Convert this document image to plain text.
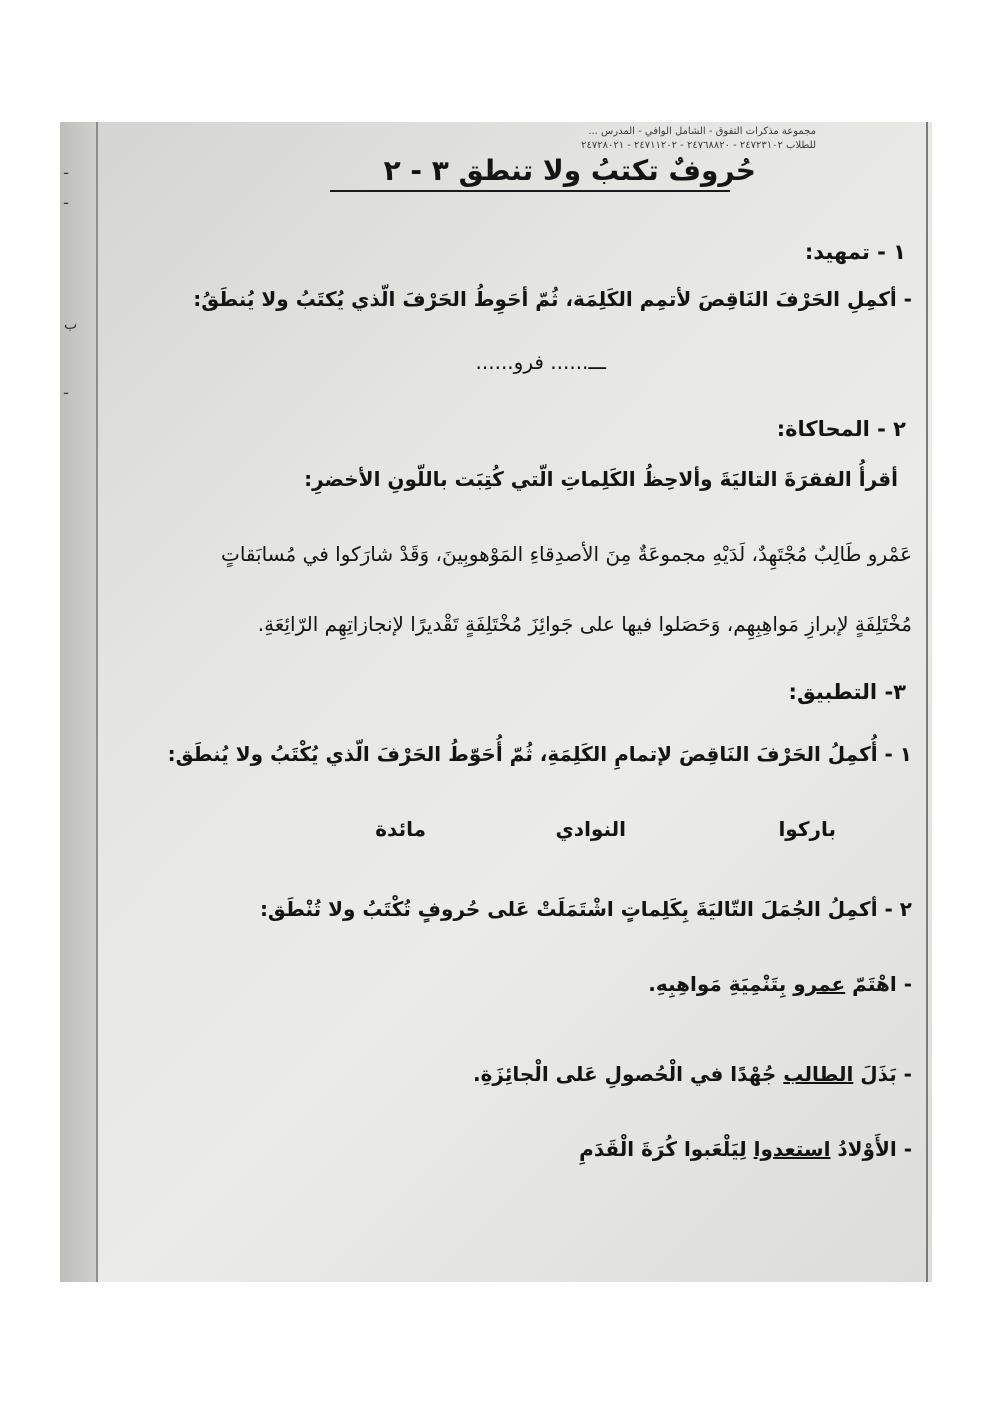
ـ
ـ
ب
ـ
مجموعة مذكرات التفوق - الشامل الوافي - المدرس ...
للطلاب ٢٤٧٢٣١٠٢ - ٢٤٧٦٨٨٢٠ - ٢٤٧١١٢٠٢ - ٢٤٧٢٨٠٢١
حُروفٌ تكتبُ ولا تنطق ٣ - ٢
١ - تمهيد:
- أكمِلِ الحَرْفَ النَاقِصَ لأتمِم الكَلِمَة، ثُمّ أحَوِطُ الحَرْفَ الّذي يُكتَبُ ولا يُنطَقُ:
ـــ...... فرو......
٢ - المحاكاة:
أقرأُ الفقرَةَ التاليَةَ وألاحِظُ الكَلِماتِ الّتي كُتِبَت باللّونِ الأخضرِ:
عَمْرو طَالِبٌ مُجْتَهِدٌ، لَدَيْهِ مجموعَةٌ مِنَ الأصدِقاءِ المَوْهوبِينَ، وَقَدْ شارَكوا في مُسابَقاتٍ
مُخْتَلِفَةٍ لإبرازِ مَواهِبِهِم، وَحَصَلوا فيها على جَوائِزَ مُخْتَلِفَةٍ تَقْديرًا لإنجازاتِهِم الرّائِعَةِ.
٣- التطبيق:
١ - أُكمِلُ الحَرْفَ النَاقِصَ لإتمامِ الكَلِمَةِ، ثُمّ أُحَوّطُ الحَرْفَ الّذي يُكْتَبُ ولا يُنطَق:
باركوا
النوادي
مائدة
٢ - أكمِلُ الجُمَلَ التّاليَةَ بِكَلِماتٍ اشْتَمَلَتْ عَلى حُروفٍ تُكْتَبُ ولا تُنْطَق:
- اهْتَمّ عمرو بِتَنْمِيَةِ مَواهِبِهِ.
- بَذَلَ الطالب جُهْدًا في الْحُصولِ عَلى الْجائِزَةِ.
- الأَوْلادُ استعدوا لِيَلْعَبوا كُرَةَ الْقَدَمِ
